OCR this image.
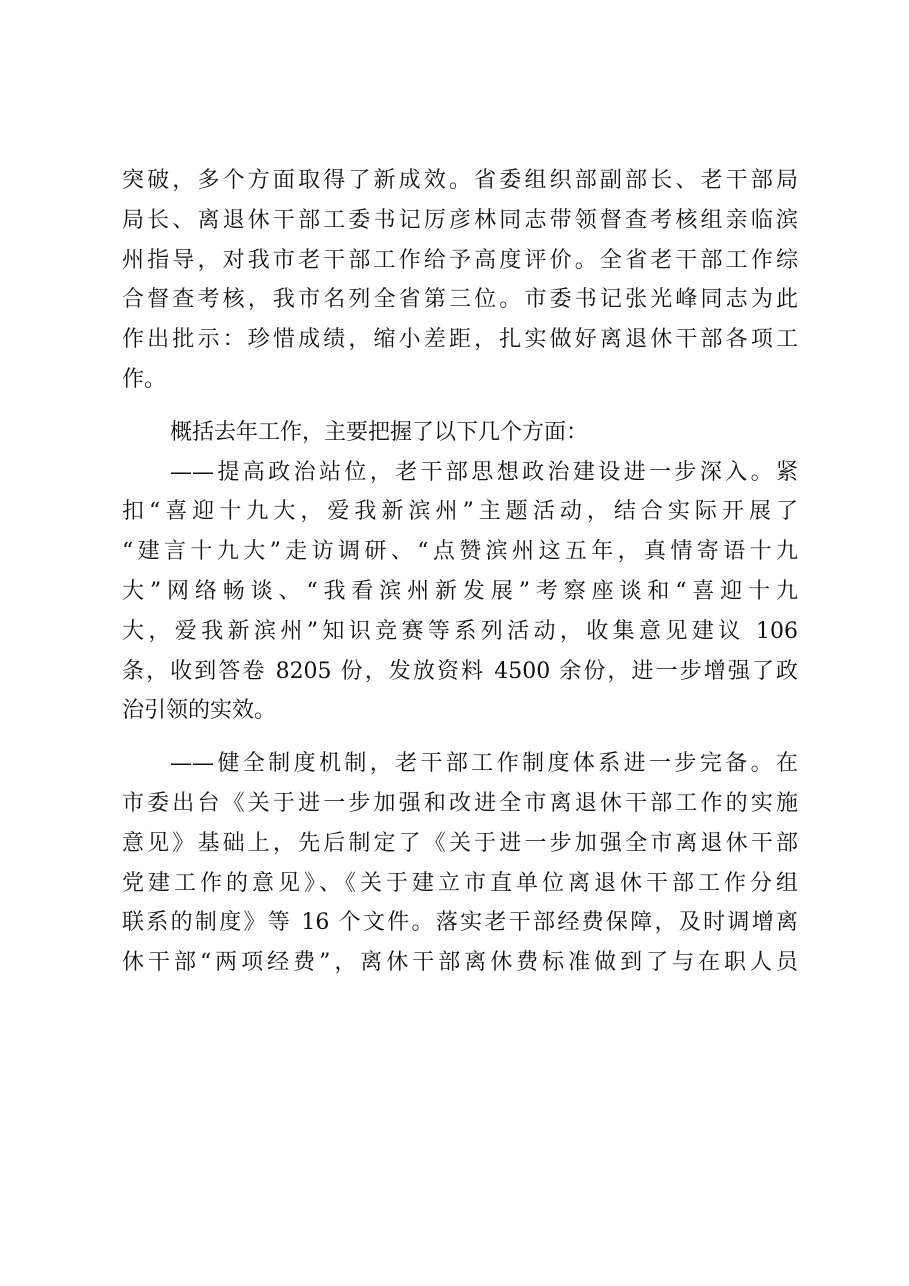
突破，多个方面取得了新成效。省委组织部副部长、老干部局
局长、离退休干部工委书记厉彦林同志带领督查考核组亲临滨
州指导，对我市老干部工作给予高度评价。全省老干部工作综
合督查考核，我市名列全省第三位。市委书记张光峰同志为此
作出批示：珍惜成绩，缩小差距，扎实做好离退休干部各项工
作。
概括去年工作，主要把握了以下几个方面：
——提高政治站位，老干部思想政治建设进一步深入。紧
扣“喜迎十九大，爱我新滨州”主题活动，结合实际开展了
“建言十九大”走访调研、“点赞滨州这五年，真情寄语十九
大”网络畅谈、“我看滨州新发展”考察座谈和“喜迎十九
大，爱我新滨州”知识竞赛等系列活动，收集意见建议 106
条，收到答卷 8205 份，发放资料 4500 余份，进一步增强了政
治引领的实效。
——健全制度机制，老干部工作制度体系进一步完备。在
市委出台《关于进一步加强和改进全市离退休干部工作的实施
意见》基础上，先后制定了《关于进一步加强全市离退休干部
党建工作的意见》、《关于建立市直单位离退休干部工作分组
联系的制度》等 16 个文件。落实老干部经费保障，及时调增离
休干部“两项经费”，离休干部离休费标准做到了与在职人员
